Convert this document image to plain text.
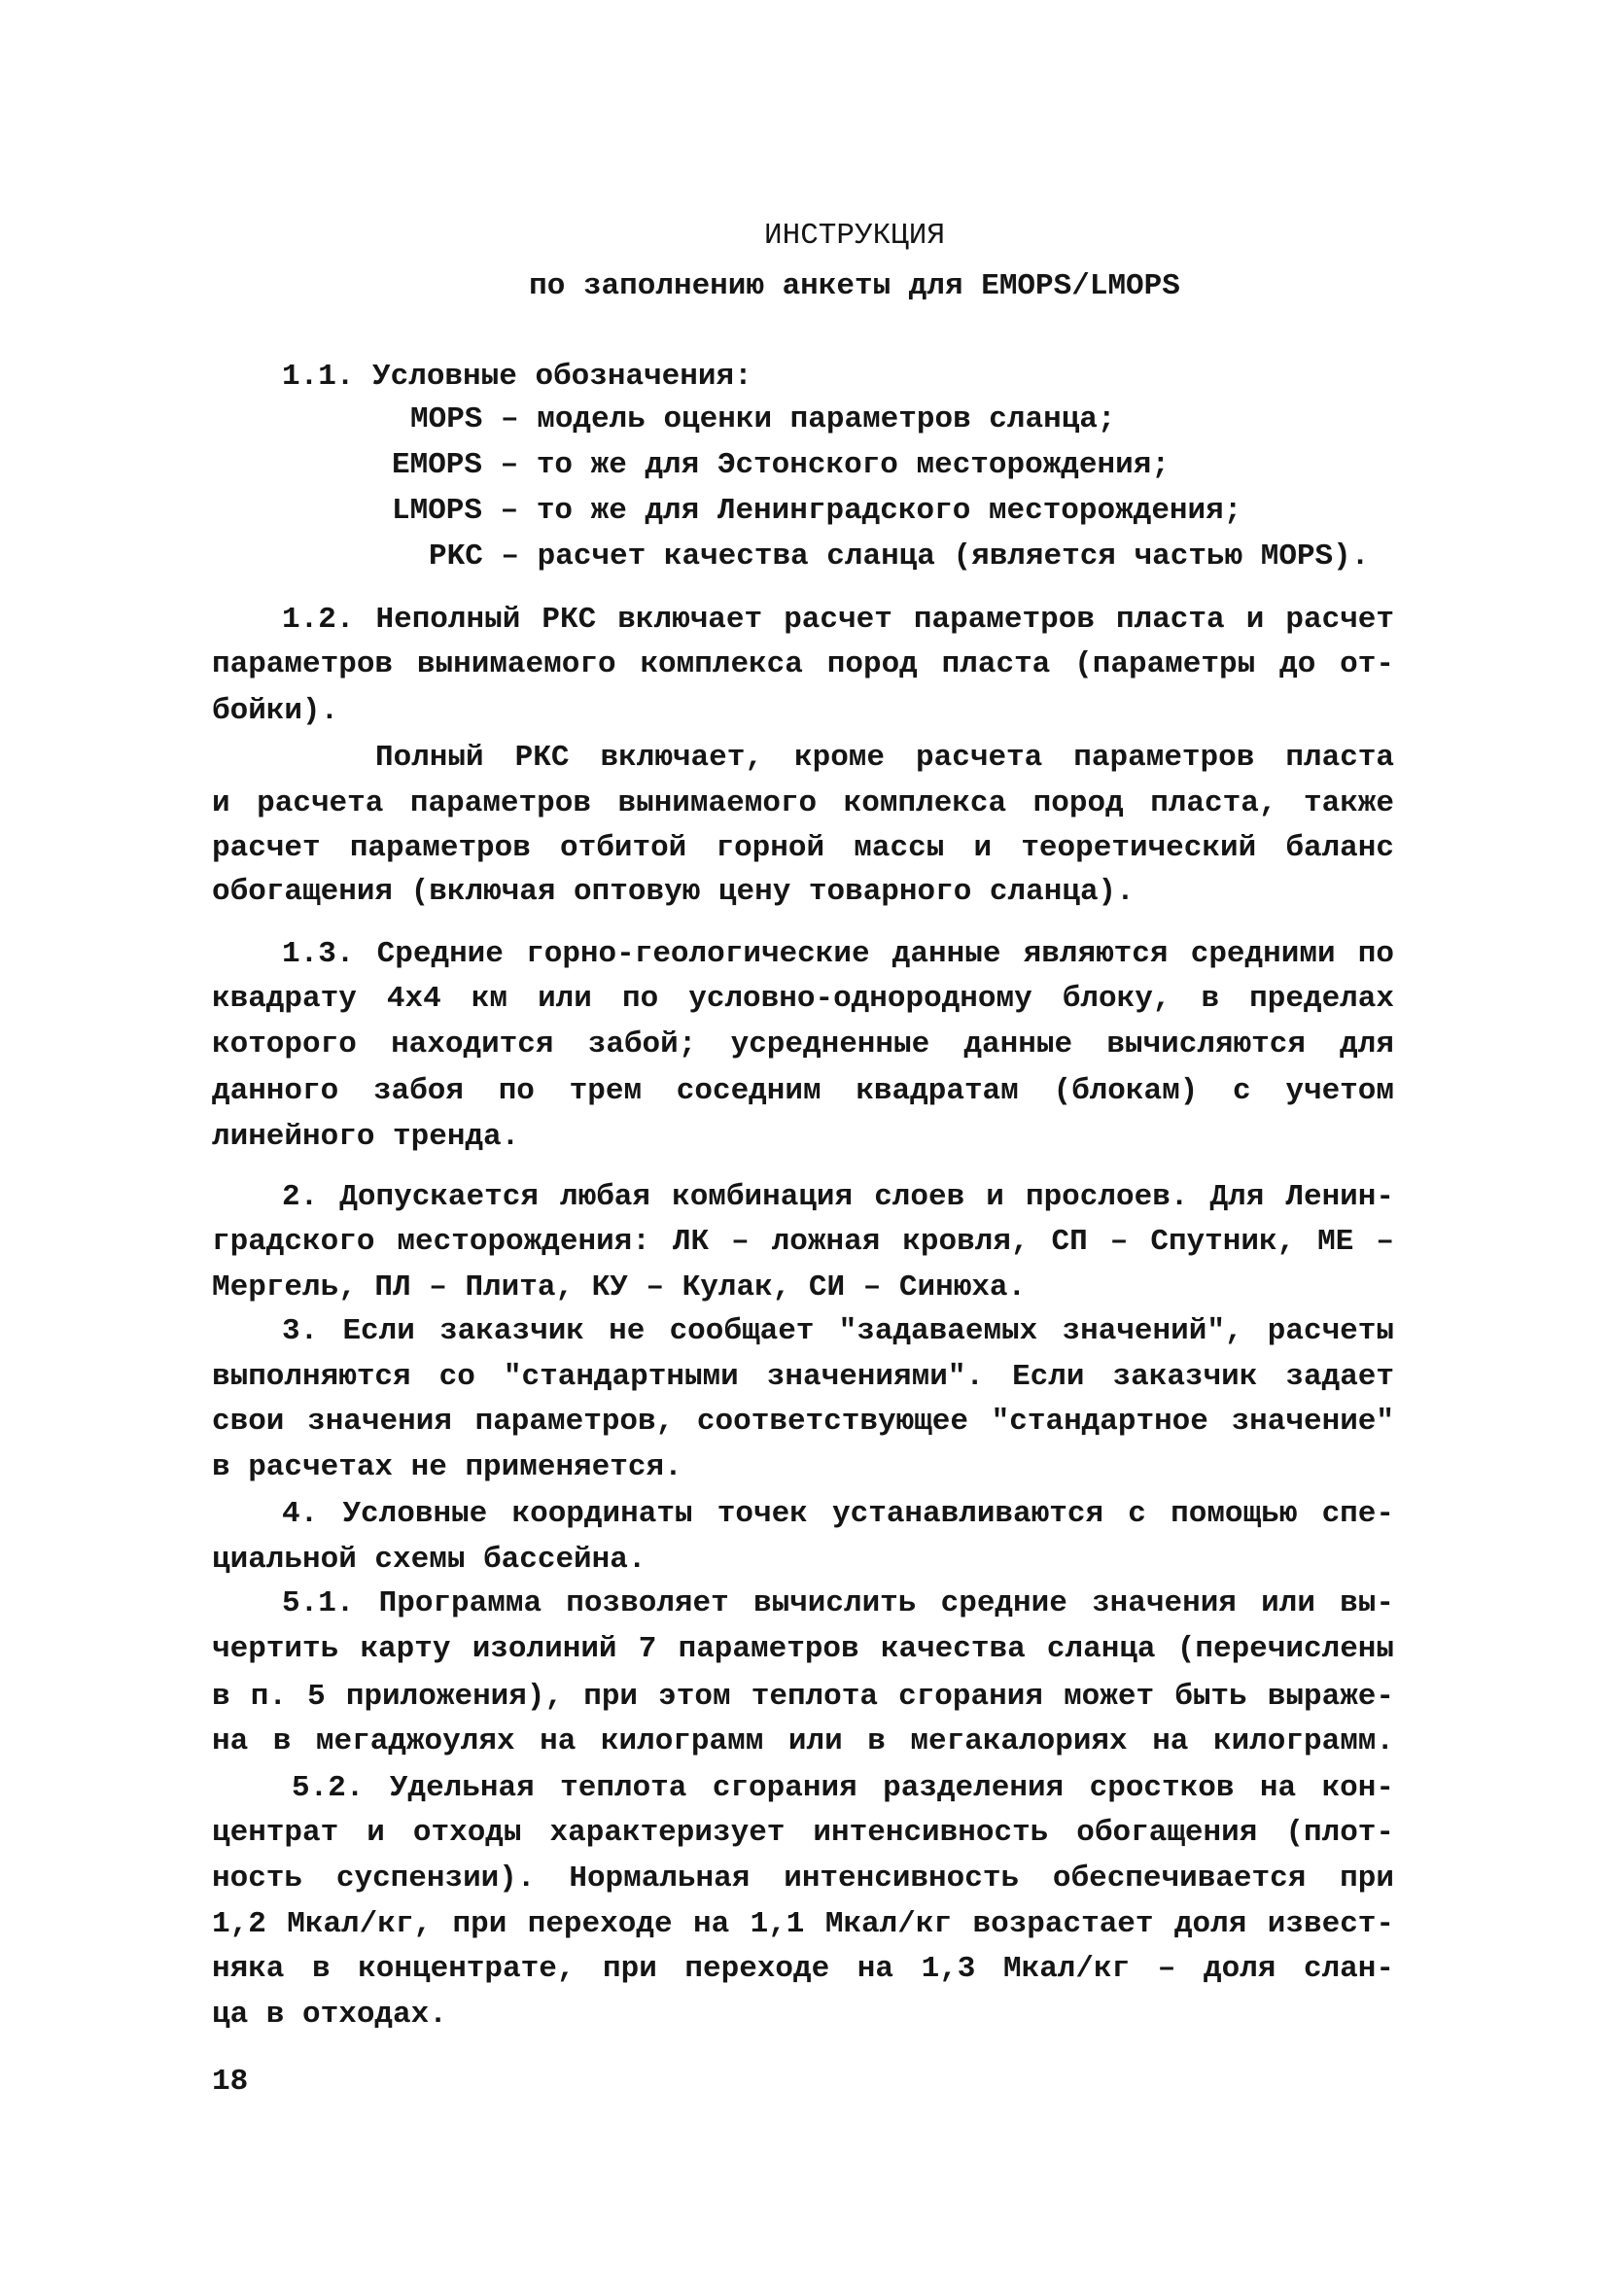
ИНСТРУКЦИЯ
по заполнению анкеты для EMOPS/LMOPS
1.1. Условные обозначения:
MOPS – модель оценки параметров сланца;
EMOPS – то же для Эстонского месторождения;
LMOPS – то же для Ленинградского месторождения;
PKC – расчет качества сланца (является частью MOPS).
1.2. Неполный РКС включает расчет параметров пласта и расчет
параметров вынимаемого комплекса пород пласта (параметры до от-
бойки).
Полный РКС включает, кроме расчета параметров пласта
и расчета параметров вынимаемого комплекса пород пласта, также
расчет параметров отбитой горной массы и теоретический баланс
обогащения (включая оптовую цену товарного сланца).
1.3. Средние горно-геологические данные являются средними по
квадрату 4х4 км или по условно-однородному блоку, в пределах
которого находится забой; усредненные данные вычисляются для
данного забоя по трем соседним квадратам (блокам) с учетом
линейного тренда.
2. Допускается любая комбинация слоев и прослоев. Для Ленин-
градского месторождения: ЛК – ложная кровля, СП – Спутник, МЕ –
Мергель, ПЛ – Плита, КУ – Кулак, СИ – Синюха.
3. Если заказчик не сообщает "задаваемых значений", расчеты
выполняются со "стандартными значениями". Если заказчик задает
свои значения параметров, соответствующее "стандартное значение"
в расчетах не применяется.
4. Условные координаты точек устанавливаются с помощью спе-
циальной схемы бассейна.
5.1. Программа позволяет вычислить средние значения или вы-
чертить карту изолиний 7 параметров качества сланца (перечислены
в п. 5 приложения), при этом теплота сгорания может быть выраже-
на в мегаджоулях на килограмм или в мегакалориях на килограмм.
5.2. Удельная теплота сгорания разделения сростков на кон-
центрат и отходы характеризует интенсивность обогащения (плот-
ность суспензии). Нормальная интенсивность обеспечивается при
1,2 Мкал/кг, при переходе на 1,1 Мкал/кг возрастает доля извест-
няка в концентрате, при переходе на 1,3 Мкал/кг – доля слан-
ца в отходах.
18
